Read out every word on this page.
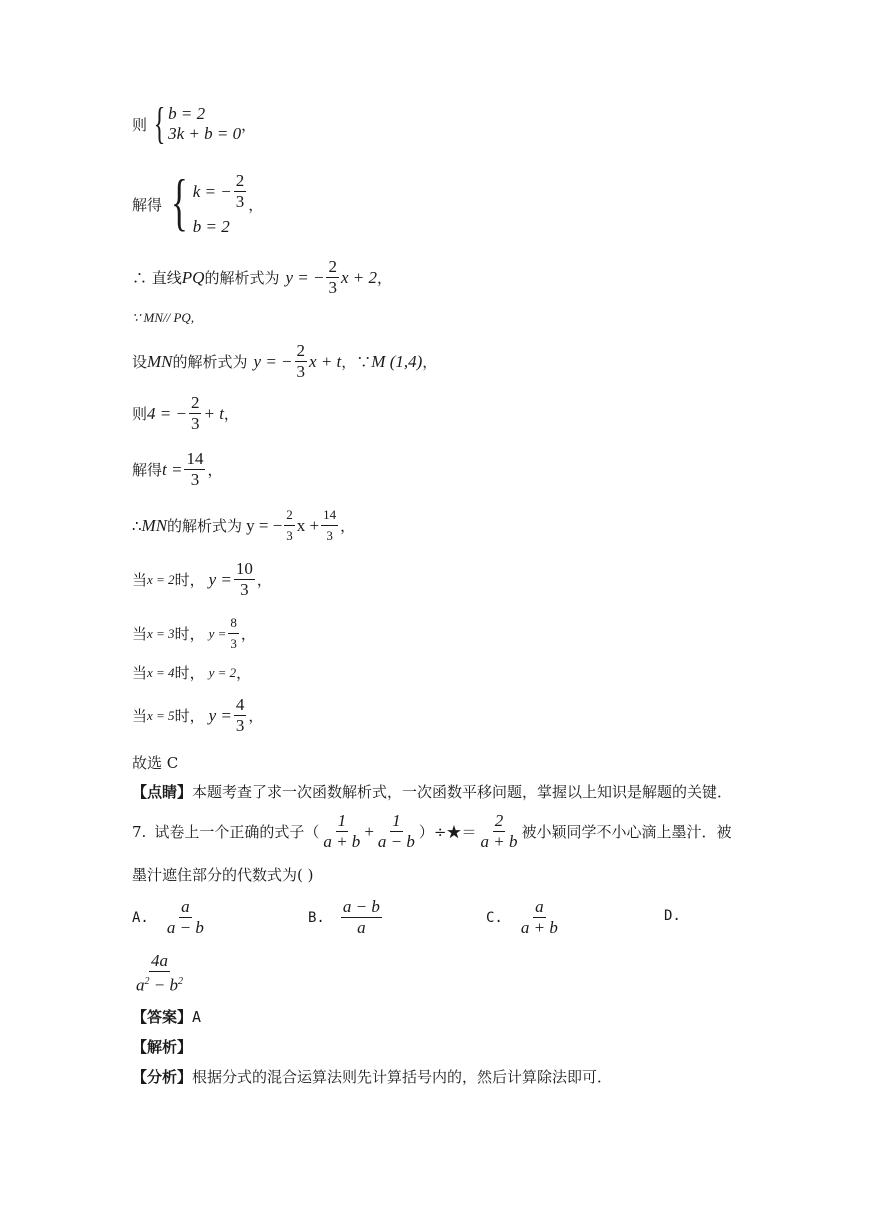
则 { b = 2
3k + b = 0 ，
解得 { k = − $\frac{2}{3}$
b = 2
，
∴ 直线 PQ 的解析式为 y = − $\frac{2}{3}$ x + 2 ，
∵ MN// PQ,
设 MN 的解析式为 y = − $\frac{2}{3}$ x + t ，∵ M (1,4) ，
则 4 = − $\frac{2}{3} + t$ ，
解得 $t = \frac{14}{3}$ ，
∴ MN 的解析式为 y = − $\frac{2}{3}$ $x + \frac{14}{3}$ ，
当 x = 2 时， $y = \frac{10}{3}$ ，
当 x = 3 时， $y = \frac{8}{3}$ ，
当 x = 4 时， y = 2 ，
当 x = 5 时， $y = \frac{4}{3}$ ，
故选 C
【点睛】 本题考查了求一次函数解析式，一次函数平移问题，掌握以上知识是解题的关键．
7. 试卷上一个正确的式子（ $\frac{1}{a + b} + \frac{1}{a - b}$ ）÷★＝ $\frac{2}{a + b}$ 被小颖同学不小心滴上墨汁．被
墨汁遮住部分的代数式为( )
A. $\frac{a}{a - b}$	B. $\frac{a - b}{a}$	C. $\frac{a}{a + b}$	D.
$\frac{4a}{a^2 - b^2}$
【答案】 A
【解析】
【分析】 根据分式的混合运算法则先计算括号内的，然后计算除法即可．
